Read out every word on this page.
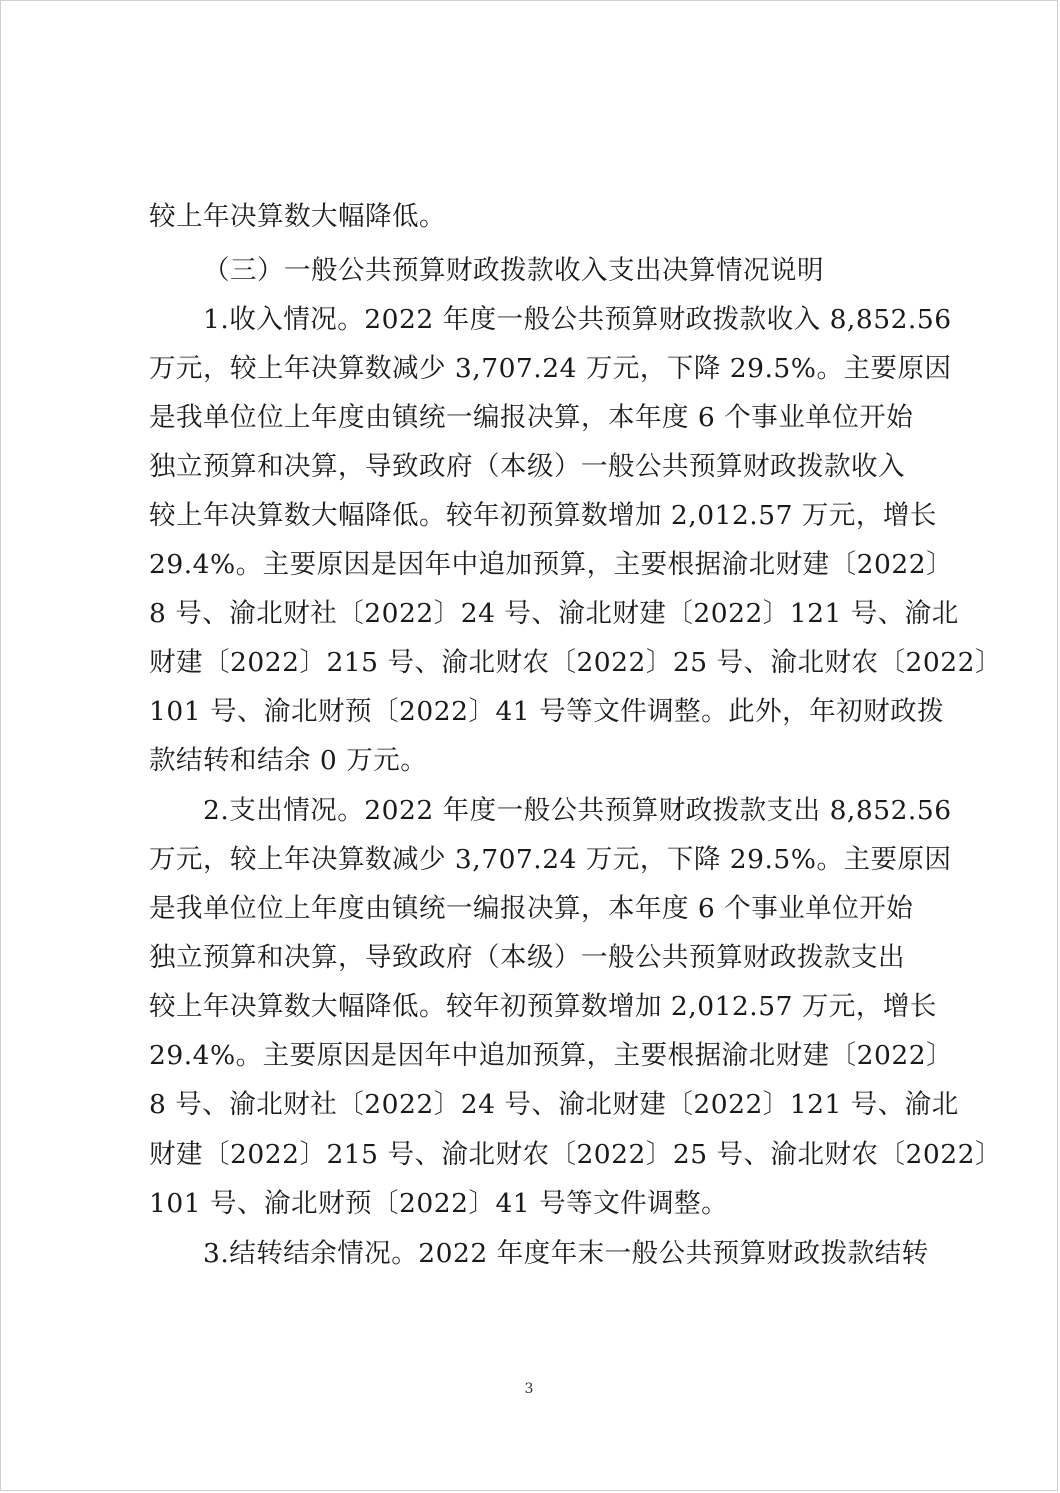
较上年决算数大幅降低。
（三）一般公共预算财政拨款收入支出决算情况说明
1.收入情况。2022 年度一般公共预算财政拨款收入 8,852.56
万元，较上年决算数减少 3,707.24 万元，下降 29.5%。主要原因
是我单位位上年度由镇统一编报决算，本年度 6 个事业单位开始
独立预算和决算，导致政府（本级）一般公共预算财政拨款收入
较上年决算数大幅降低。较年初预算数增加 2,012.57 万元，增长
29.4%。主要原因是因年中追加预算，主要根据渝北财建〔2022〕
8 号、渝北财社〔2022〕24 号、渝北财建〔2022〕121 号、渝北
财建〔2022〕215 号、渝北财农〔2022〕25 号、渝北财农〔2022〕
101 号、渝北财预〔2022〕41 号等文件调整。此外，年初财政拨
款结转和结余 0 万元。
2.支出情况。2022 年度一般公共预算财政拨款支出 8,852.56
万元，较上年决算数减少 3,707.24 万元，下降 29.5%。主要原因
是我单位位上年度由镇统一编报决算，本年度 6 个事业单位开始
独立预算和决算，导致政府（本级）一般公共预算财政拨款支出
较上年决算数大幅降低。较年初预算数增加 2,012.57 万元，增长
29.4%。主要原因是因年中追加预算，主要根据渝北财建〔2022〕
8 号、渝北财社〔2022〕24 号、渝北财建〔2022〕121 号、渝北
财建〔2022〕215 号、渝北财农〔2022〕25 号、渝北财农〔2022〕
101 号、渝北财预〔2022〕41 号等文件调整。
3.结转结余情况。2022 年度年末一般公共预算财政拨款结转
3
